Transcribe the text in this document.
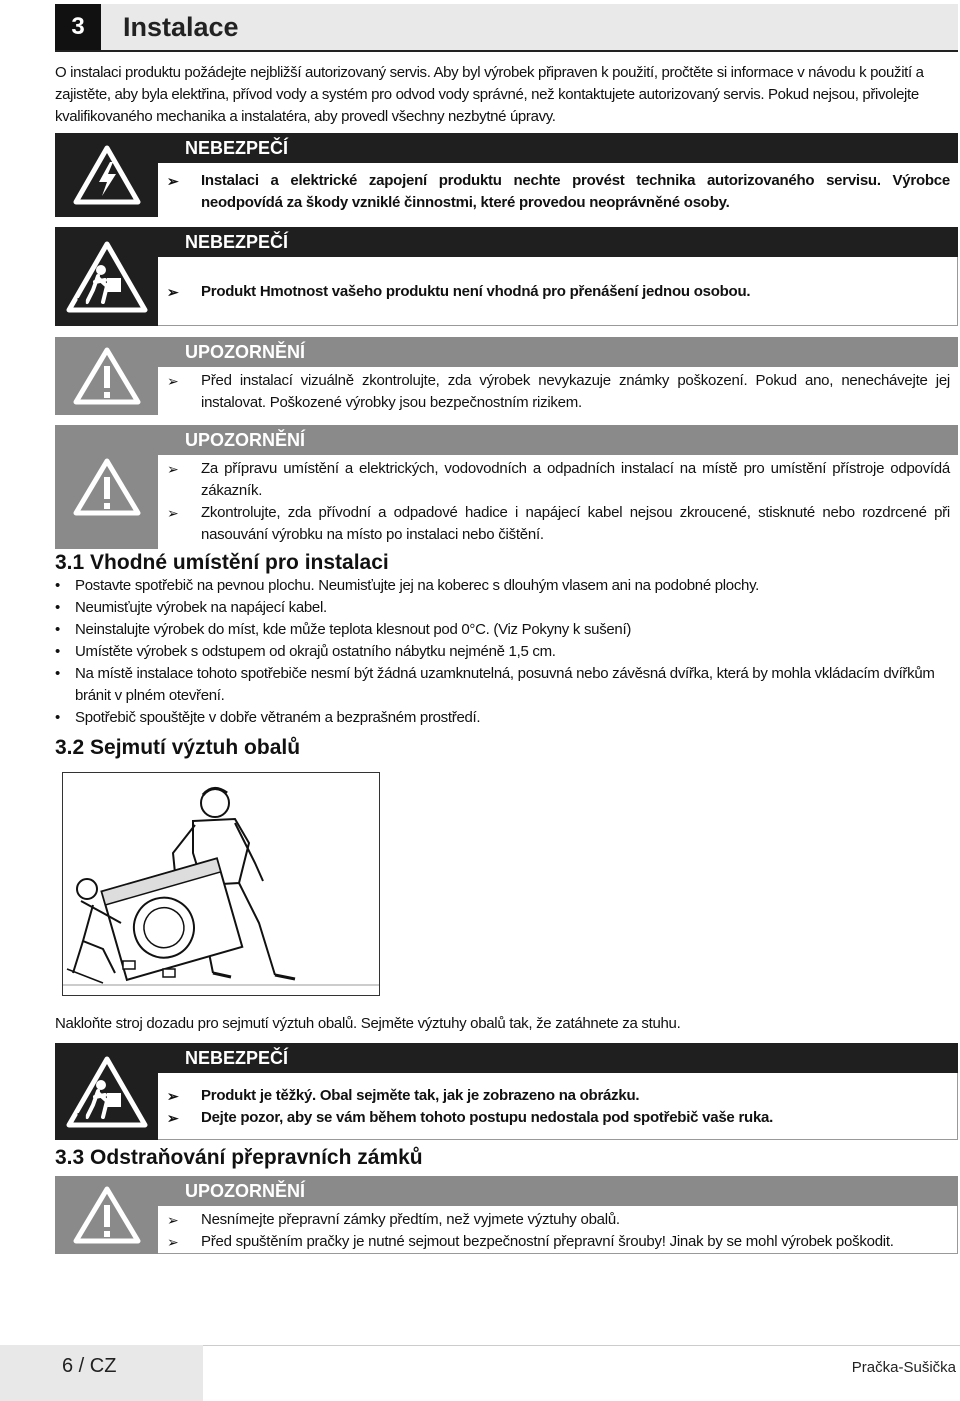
3	Instalace
O instalaci produktu požádejte nejbližší autorizovaný servis. Aby byl výrobek připraven k použití, pročtěte si informace v návodu k použití a zajistěte, aby byla elektřina, přívod vody a systém pro odvod vody správné, než kontaktujete autorizovaný servis. Pokud nejsou, přivolejte kvalifikovaného mechanika a instalatéra, aby provedl všechny nezbytné úpravy.
NEBEZPEČÍ
➢ Instalaci a elektrické zapojení produktu nechte provést technika autorizovaného servisu. Výrobce neodpovídá za škody vzniklé činnostmi, které provedou neoprávněné osoby.
kg
NEBEZPEČÍ
➢ Produkt Hmotnost vašeho produktu není vhodná pro přenášení jednou osobou.
UPOZORNĚNÍ
➢ Před instalací vizuálně zkontrolujte, zda výrobek nevykazuje známky poškození. Pokud ano, nenechávejte jej instalovat. Poškozené výrobky jsou bezpečnostním rizikem.
UPOZORNĚNÍ
➢ Za přípravu umístění a elektrických, vodovodních a odpadních instalací na místě pro umístění přístroje odpovídá zákazník.
➢ Zkontrolujte, zda přívodní a odpadové hadice i napájecí kabel nejsou zkroucené, stisknuté nebo rozdrcené při nasouvání výrobku na místo po instalaci nebo čištění.
3.1 Vhodné umístění pro instalaci
• Postavte spotřebič na pevnou plochu. Neumisťujte jej na koberec s dlouhým vlasem ani na podobné plochy.
• Neumisťujte výrobek na napájecí kabel.
• Neinstalujte výrobek do míst, kde může teplota klesnout pod 0°C. (Viz Pokyny k sušení)
• Umístěte výrobek s odstupem od okrajů ostatního nábytku nejméně 1,5 cm.
• Na místě instalace tohoto spotřebiče nesmí být žádná uzamknutelná, posuvná nebo závěsná dvířka, která by mohla vkládacím dvířkům bránit v plném otevření.
• Spotřebič spouštějte v dobře větraném a bezprašném prostředí.
3.2 Sejmutí výztuh obalů
Nakloňte stroj dozadu pro sejmutí výztuh obalů. Sejměte výztuhy obalů tak, že zatáhnete za stuhu.
kg
NEBEZPEČÍ
➢ Produkt je těžký. Obal sejměte tak, jak je zobrazeno na obrázku.
➢ Dejte pozor, aby se vám během tohoto postupu nedostala pod spotřebič vaše ruka.
3.3 Odstraňování přepravních zámků
UPOZORNĚNÍ
➢ Nesnímejte přepravní zámky předtím, než vyjmete výztuhy obalů.
➢ Před spuštěním pračky je nutné sejmout bezpečnostní přepravní šrouby! Jinak by se mohl výrobek poškodit.
6 / CZ	Pračka-Sušička
